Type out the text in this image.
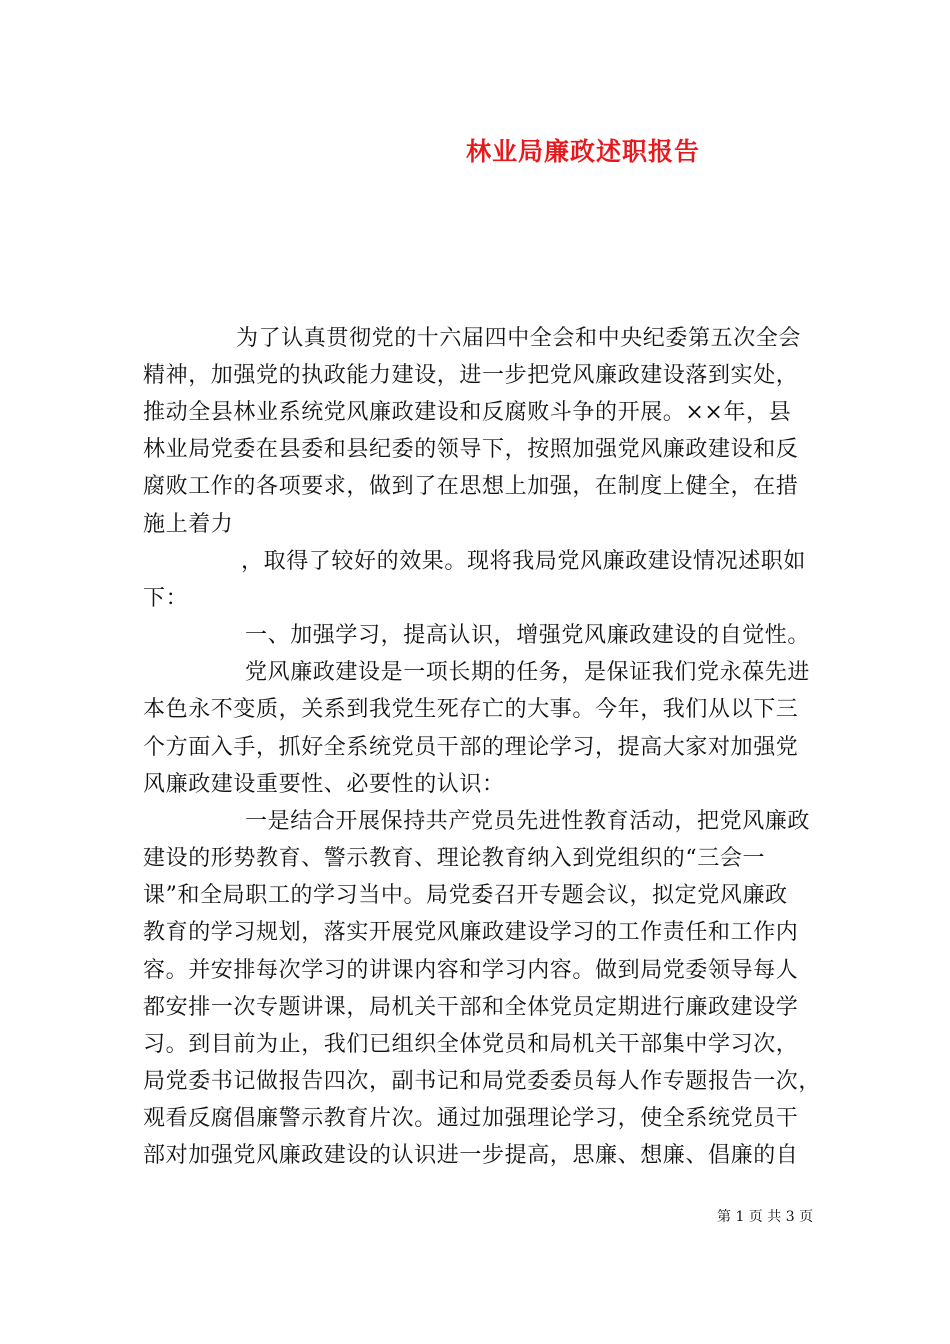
林业局廉政述职报告
为了认真贯彻党的十六届四中全会和中央纪委第五次全会
精神，加强党的执政能力建设，进一步把党风廉政建设落到实处，
推动全县林业系统党风廉政建设和反腐败斗争的开展。××年，县
林业局党委在县委和县纪委的领导下，按照加强党风廉政建设和反
腐败工作的各项要求，做到了在思想上加强，在制度上健全，在措
施上着力
，取得了较好的效果。现将我局党风廉政建设情况述职如
下：
一、加强学习，提高认识，增强党风廉政建设的自觉性。
党风廉政建设是一项长期的任务，是保证我们党永葆先进
本色永不变质，关系到我党生死存亡的大事。今年，我们从以下三
个方面入手，抓好全系统党员干部的理论学习，提高大家对加强党
风廉政建设重要性、必要性的认识：
一是结合开展保持共产党员先进性教育活动，把党风廉政
建设的形势教育、警示教育、理论教育纳入到党组织的“三会一
课”和全局职工的学习当中。局党委召开专题会议，拟定党风廉政
教育的学习规划，落实开展党风廉政建设学习的工作责任和工作内
容。并安排每次学习的讲课内容和学习内容。做到局党委领导每人
都安排一次专题讲课，局机关干部和全体党员定期进行廉政建设学
习。到目前为止，我们已组织全体党员和局机关干部集中学习次，
局党委书记做报告四次，副书记和局党委委员每人作专题报告一次，
观看反腐倡廉警示教育片次。通过加强理论学习，使全系统党员干
部对加强党风廉政建设的认识进一步提高，思廉、想廉、倡廉的自
第 1 页 共 3 页
